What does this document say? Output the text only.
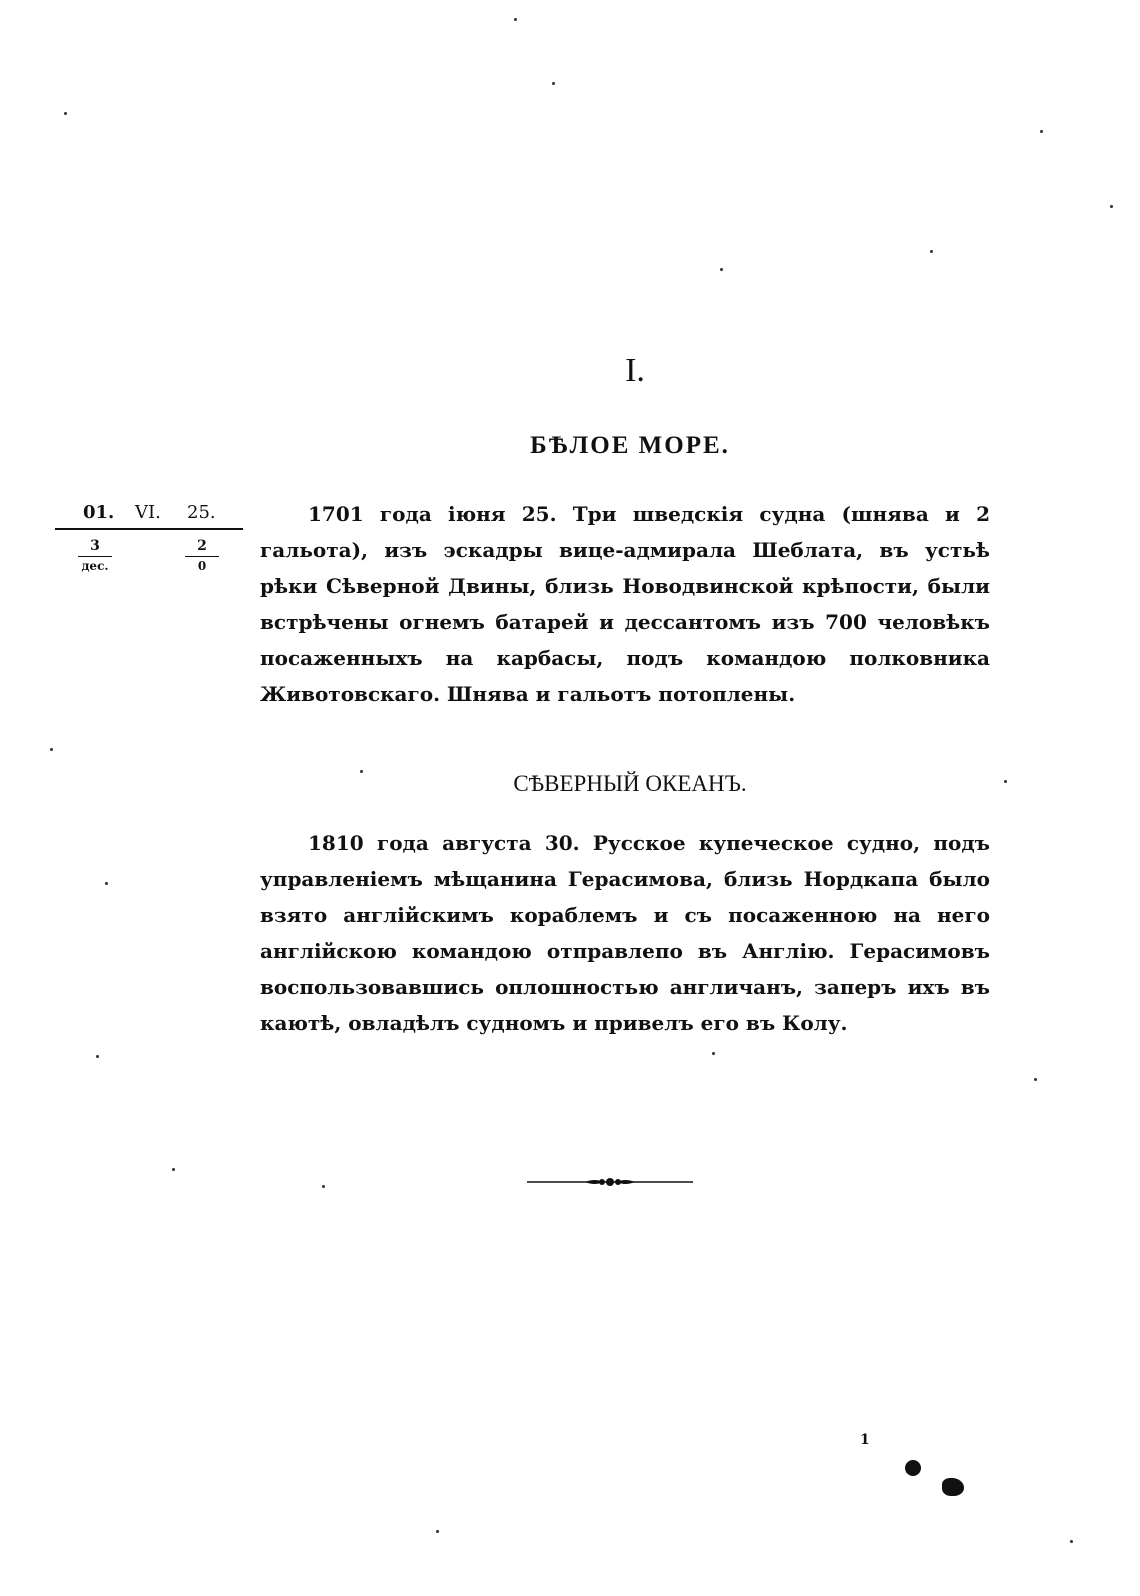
I.
БѢЛОЕ МОРЕ.
01. VI. 25.
3
дес.	$\frac{2}{0}$

1701 года іюня 25. Три шведскія судна (шнява и 2 гальота), изъ эскадры вице-адмирала Шеблата, въ устьѣ рѣки Сѣверной Двины, близь Новодвинской крѣпости, были встрѣчены огнемъ батарей и дессантомъ изъ 700 человѣкъ посаженныхъ на карбасы, подъ командою полковника Животовскаго. Шнява и гальотъ потоплены.

СѢВЕРНЫЙ ОКЕАНЪ.

1810 года августа 30. Русское купеческое судно, подъ управленіемъ мѣщанина Герасимова, близь Нордкапа было взято англійскимъ кораблемъ и съ посаженною на него англійскою командою отправлепо въ Англію. Герасимовъ воспользовавшись оплошностью англичанъ, заперъ ихъ въ каютѣ, овладѣлъ судномъ и привелъ его въ Колу.

1
